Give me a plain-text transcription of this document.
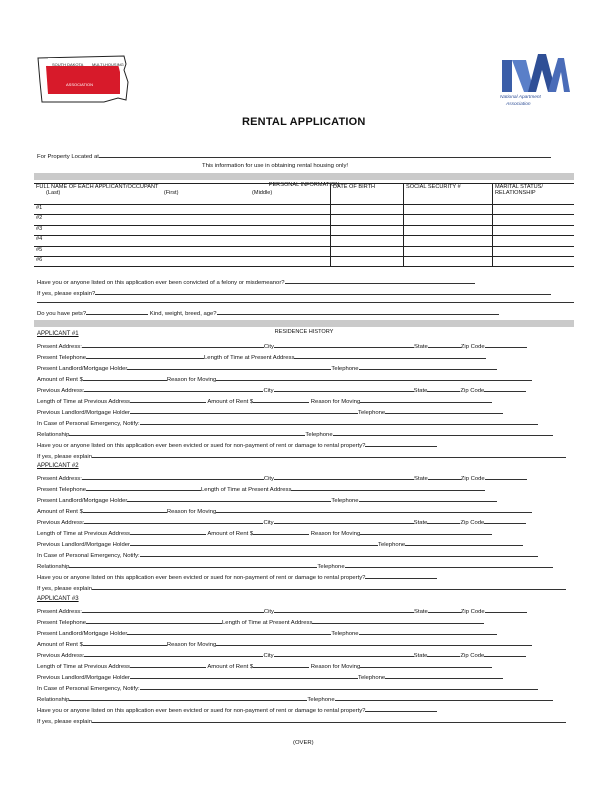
SOUTH DAKOTA MULTI-HOUSING
ASSOCIATION
National Apartment
Association
RENTAL APPLICATION
For Property Located at
This information for use in obtaining rental housing only!
PERSONAL INFORMATION
FULL NAME OF EACH APPLICANT/OCCUPANT
(Last) (First) (Middle)	DATE OF BIRTH	SOCIAL SECURITY #	MARITAL STATUS/
RELATIONSHIP
#1			
#2			
#3			
#4			
#5			
#6			
Have you or anyone listed on this application ever been convicted of a felony or misdemeanor?
If yes, please explain?
Do you have pets?	Kind, weight, breed, age?
RESIDENCE HISTORY
APPLICANT #1
Present Address:	City	State	Zip Code
Present Telephone	Length of Time at Present Address
Present Landlord/Mortgage Holder	Telephone
Amount of Rent $	Reason for Moving
Previous Address:	City	State	Zip Code
Length of Time at Previous Address	Amount of Rent $	Reason for Moving
Previous Landlord/Mortgage Holder	Telephone
In Case of Personal Emergency, Notify:
Relationship	Telephone
Have you or anyone listed on this application ever been evicted or sued for non-payment of rent or damage to rental property?
If yes, please explain
APPLICANT #2
Present Address:	City	State	Zip Code
Present Telephone	Length of Time at Present Address
Present Landlord/Mortgage Holder	Telephone
Amount of Rent $	Reason for Moving
Previous Address:	City	State	Zip Code
Length of Time at Previous Address	Amount of Rent $	Reason for Moving
Previous Landlord/Mortgage Holder	Telephone
In Case of Personal Emergency, Notify:
Relationship	Telephone
Have you or anyone listed on this application ever been evicted or sued for non-payment of rent or damage to rental property?
If yes, please explain
APPLICANT #3
Present Address:	City	State	Zip Code
Present Telephone	Length of Time at Present Address
Present Landlord/Mortgage Holder	Telephone
Amount of Rent $	Reason for Moving
Previous Address:	City	State	Zip Code
Length of Time at Previous Address	Amount of Rent $	Reason for Moving
Previous Landlord/Mortgage Holder	Telephone
In Case of Personal Emergency, Notify:
Relationship	Telephone
Have you or anyone listed on this application ever been evicted or sued for non-payment of rent or damage to rental property?
If yes, please explain
(OVER)
